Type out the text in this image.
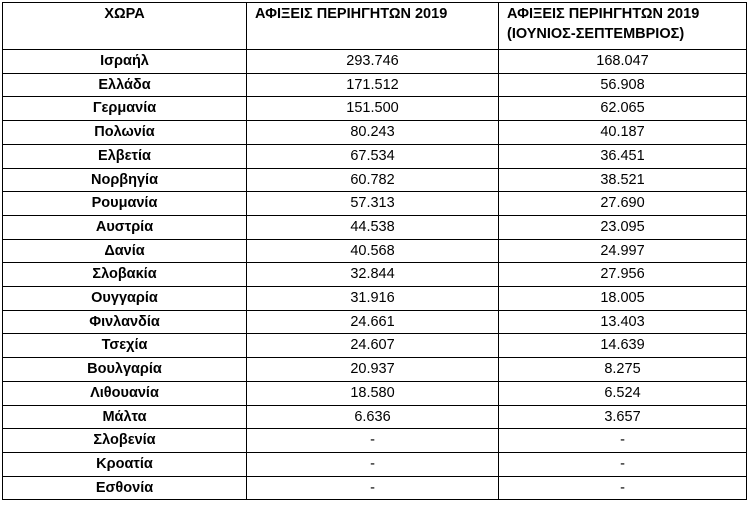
ΧΩΡΑ	ΑΦΙΞΕΙΣ ΠΕΡΙΗΓΗΤΩΝ 2019	ΑΦΙΞΕΙΣ ΠΕΡΙΗΓΗΤΩΝ 2019 (ΙΟΥΝΙΟΣ-ΣΕΠΤΕΜΒΡΙΟΣ)
Ισραήλ	293.746	168.047
Ελλάδα	171.512	56.908
Γερμανία	151.500	62.065
Πολωνία	80.243	40.187
Ελβετία	67.534	36.451
Νορβηγία	60.782	38.521
Ρουμανία	57.313	27.690
Αυστρία	44.538	23.095
Δανία	40.568	24.997
Σλοβακία	32.844	27.956
Ουγγαρία	31.916	18.005
Φινλανδία	24.661	13.403
Τσεχία	24.607	14.639
Βουλγαρία	20.937	8.275
Λιθουανία	18.580	6.524
Μάλτα	6.636	3.657
Σλοβενία	-	-
Κροατία	-	-
Εσθονία	-	-
